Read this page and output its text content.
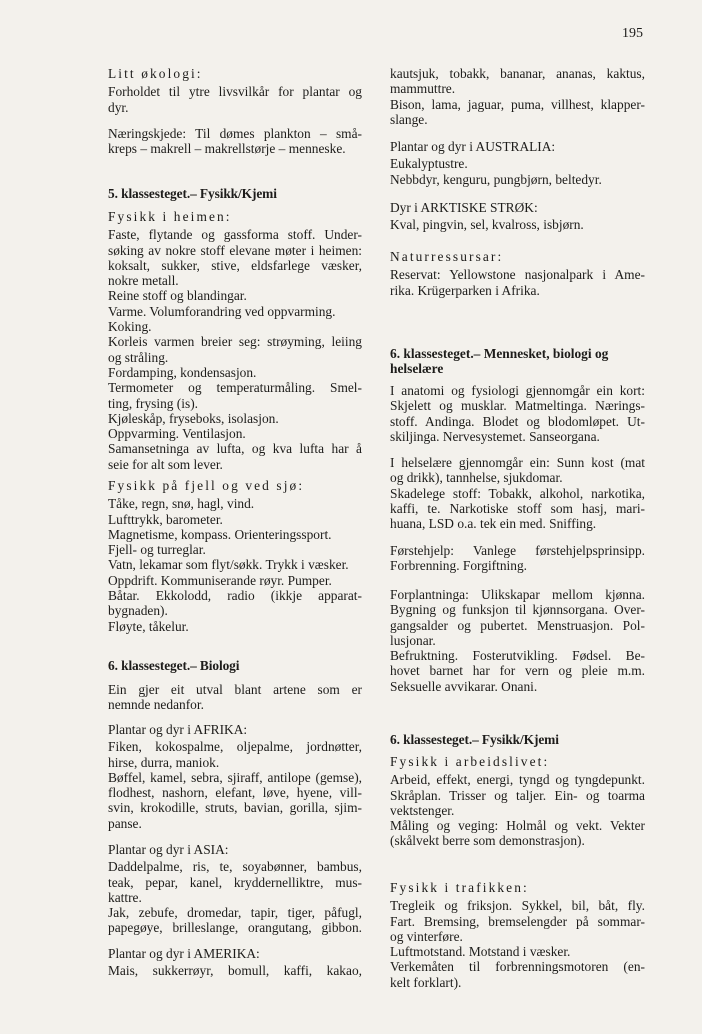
195
Litt økologi:
Forholdet til ytre livsvilkår for plantar og
dyr.
Næringskjede: Til dømes plankton – små-
kreps – makrell – makrellstørje – menneske.
5. klassesteget.– Fysikk/Kjemi
Fysikk i heimen:
Faste, flytande og gassforma stoff. Under-
søking av nokre stoff elevane møter i heimen:
koksalt, sukker, stive, eldsfarlege væsker,
nokre metall.
Reine stoff og blandingar.
Varme. Volumforandring ved oppvarming.
Koking.
Korleis varmen breier seg: strøyming, leiing
og stråling.
Fordamping, kondensasjon.
Termometer og temperaturmåling. Smel-
ting, frysing (is).
Kjøleskåp, fryseboks, isolasjon.
Oppvarming. Ventilasjon.
Samansetninga av lufta, og kva lufta har å
seie for alt som lever.
Fysikk på fjell og ved sjø:
Tåke, regn, snø, hagl, vind.
Lufttrykk, barometer.
Magnetisme, kompass. Orienteringssport.
Fjell- og turreglar.
Vatn, lekamar som flyt/søkk. Trykk i væsker.
Oppdrift. Kommuniserande røyr. Pumper.
Båtar. Ekkolodd, radio (ikkje apparat-
bygnaden).
Fløyte, tåkelur.
6. klassesteget.– Biologi
Ein gjer eit utval blant artene som er
nemnde nedanfor.
Plantar og dyr i AFRIKA:
Fiken, kokospalme, oljepalme, jordnøtter,
hirse, durra, maniok.
Bøffel, kamel, sebra, sjiraff, antilope (gemse),
flodhest, nashorn, elefant, løve, hyene, vill-
svin, krokodille, struts, bavian, gorilla, sjim-
panse.
Plantar og dyr i ASIA:
Daddelpalme, ris, te, soyabønner, bambus,
teak, pepar, kanel, kryddernelliktre, mus-
kattre.
Jak, zebufe, dromedar, tapir, tiger, påfugl,
papegøye, brilleslange, orangutang, gibbon.
Plantar og dyr i AMERIKA:
Mais, sukkerrøyr, bomull, kaffi, kakao,
kautsjuk, tobakk, bananar, ananas, kaktus,
mammuttre.
Bison, lama, jaguar, puma, villhest, klapper-
slange.
Plantar og dyr i AUSTRALIA:
Eukalyptustre.
Nebbdyr, kenguru, pungbjørn, beltedyr.
Dyr i ARKTISKE STRØK:
Kval, pingvin, sel, kvalross, isbjørn.
Naturressursar:
Reservat: Yellowstone nasjonalpark i Ame-
rika. Krügerparken i Afrika.
6. klassesteget.– Mennesket, biologi og
helselære
I anatomi og fysiologi gjennomgår ein kort:
Skjelett og musklar. Matmeltinga. Nærings-
stoff. Andinga. Blodet og blodomløpet. Ut-
skiljinga. Nervesystemet. Sanseorgana.
I helselære gjennomgår ein: Sunn kost (mat
og drikk), tannhelse, sjukdomar.
Skadelege stoff: Tobakk, alkohol, narkotika,
kaffi, te. Narkotiske stoff som hasj, mari-
huana, LSD o.a. tek ein med. Sniffing.
Førstehjelp: Vanlege førstehjelpsprinsipp.
Forbrenning. Forgiftning.
Forplantninga: Ulikskapar mellom kjønna.
Bygning og funksjon til kjønnsorgana. Over-
gangsalder og pubertet. Menstruasjon. Pol-
lusjonar.
Befruktning. Fosterutvikling. Fødsel. Be-
hovet barnet har for vern og pleie m.m.
Seksuelle avvikarar. Onani.
6. klassesteget.– Fysikk/Kjemi
Fysikk i arbeidslivet:
Arbeid, effekt, energi, tyngd og tyngdepunkt.
Skråplan. Trisser og taljer. Ein- og toarma
vektstenger.
Måling og veging: Holmål og vekt. Vekter
(skålvekt berre som demonstrasjon).
Fysikk i trafikken:
Tregleik og friksjon. Sykkel, bil, båt, fly.
Fart. Bremsing, bremselengder på sommar-
og vinterføre.
Luftmotstand. Motstand i væsker.
Verkemåten til forbrenningsmotoren (en-
kelt forklart).
